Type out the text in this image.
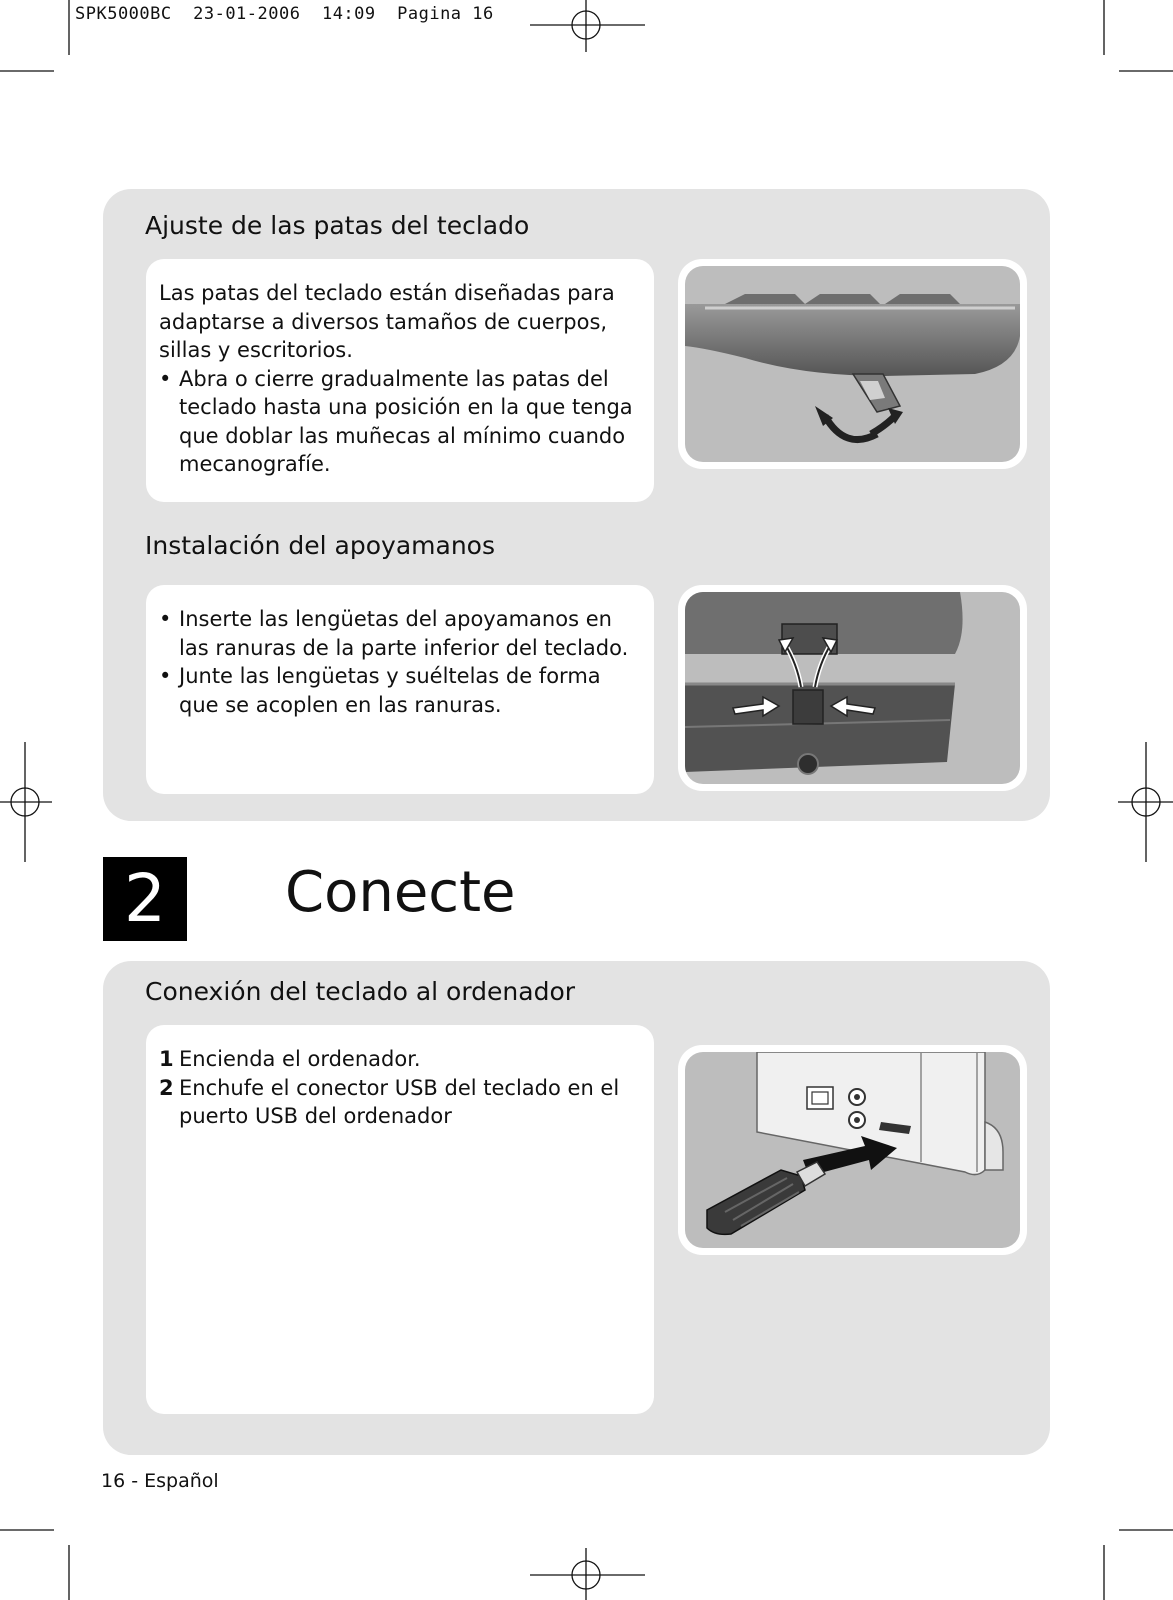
SPK5000BC 23-01-2006 14:09 Pagina 16
Ajuste de las patas del teclado

Las patas del teclado están diseñadas para adaptarse a diversos tamaños de cuerpos, sillas y escritorios.

• Abra o cierre gradualmente las patas del teclado hasta una posición en la que tenga que doblar las muñecas al mínimo cuando mecanografíe.
Instalación del apoyamanos
• Inserte las lengüetas del apoyamanos en las ranuras de la parte inferior del teclado.
• Junte las lengüetas y suéltelas de forma que se acoplen en las ranuras.
2	Conecte
Conexión del teclado al ordenador
1 Encienda el ordenador.
2 Enchufe el conector USB del teclado en el puerto USB del ordenador
16 - Español
